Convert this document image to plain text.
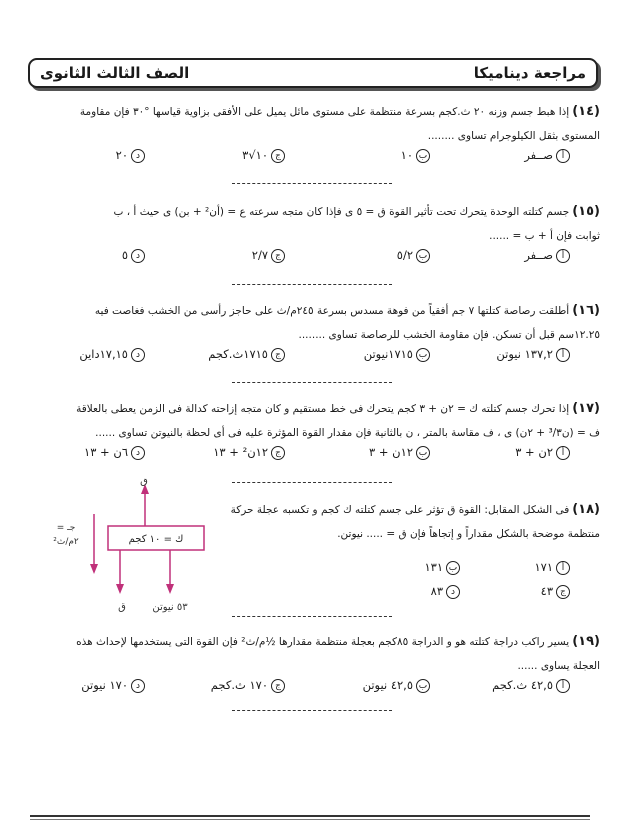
مراجعة ديناميكا
الصف الثالث الثانوى
(١٤)إذا هبط جسم وزنه ٢٠ ث.كجم بسرعة منتظمة على مستوى مائل يميل على الأفقى بزاوية قياسها °٣٠ فإن مقاومة
المستوى بثقل الكيلوجرام تساوى ........
أصــفر
ب١٠
ج١٠√٣
د٢٠
(١٥)جسم كتلته الوحدة يتحرك تحت تأثير القوة ق = ٥ ى فإذا كان متجه سرعته ع = (أن² + بن) ى حيث أ ، ب
ثوابت فإن أ + ب = ......
أصــفر
ب٥/٢
ج٢/٧
د٥
(١٦)أطلقت رصاصة كتلتها ٧ جم أفقياً من فوهة مسدس بسرعة ٢٤٥م/ث على حاجز رأسى من الخشب فغاصت فيه
١٢.٢٥سم قبل أن تسكن. فإن مقاومة الخشب للرصاصة تساوى ........
أ١٣٧,٢ نيوتن
ب١٧١٥نيوتن
ج١٧١٥ث.كجم
د١٧,١٥داين
(١٧)إذا تحرك جسم كتلته ك = ٢ن + ٣ كجم يتحرك فى خط مستقيم و كان متجه إزاحته كدالة فى الزمن يعطى بالعلاقة
ف = (ن³/٣ + ٢ن) ى ، ف مقاسة بالمتر ، ن بالثانية فإن مقدار القوة المؤثرة عليه فى أى لحظة بالنيوتن تساوى ......
أ٢ن + ٣
ب١٢ن + ٣
ج١٢ن² + ١٣
د٦ن + ١٣
(١٨)فى الشكل المقابل: القوة ق تؤثر على جسم كتلته ك كجم و تكسبه عجلة حركة
منتظمة موضحة بالشكل مقداراً و إتجاهاً فإن ق = ..... نيوتن.
أ١٧١
ب١٣١
ج٤٣
د٨٣
ق
ك = ١٠ كجم
٥٣ نيوتن
ق
جـ =
٢م/ث²
(١٩)يسير راكب دراجة كتلته هو و الدراجة ٨٥كجم بعجلة منتظمة مقدارها ½م/ث² فإن القوة التى يستخدمها لإحداث هذه
العجلة يساوى ......
أ٤٢,٥ ث.كجم
ب٤٢,٥ نيوتن
ج١٧٠ ث.كجم
د١٧٠ نيوتن
